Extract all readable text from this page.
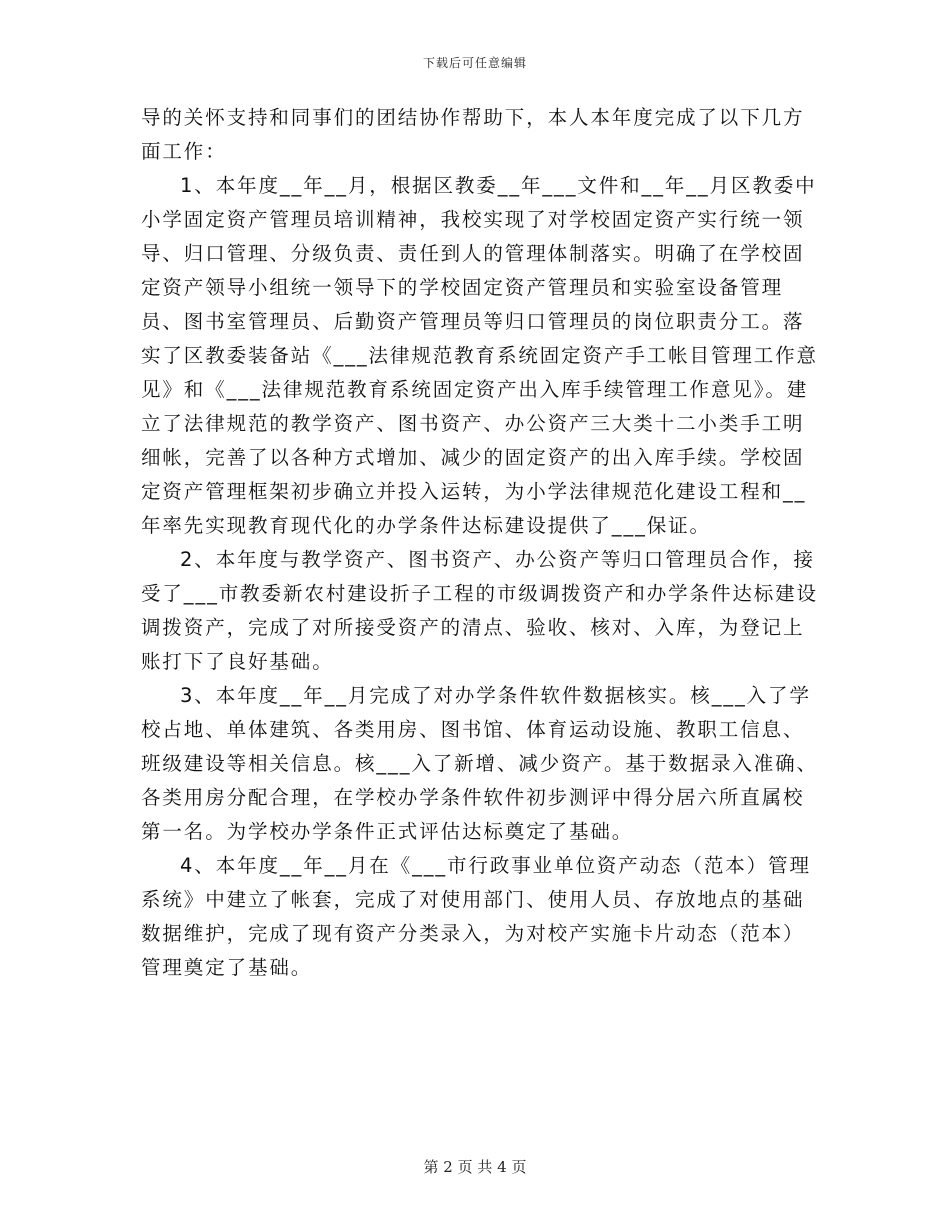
下载后可任意编辑

导的关怀支持和同事们的团结协作帮助下，本人本年度完成了以下几方面工作：

1、本年度__年__月，根据区教委__年___文件和__年__月区教委中小学固定资产管理员培训精神，我校实现了对学校固定资产实行统一领导、归口管理、分级负责、责任到人的管理体制落实。明确了在学校固定资产领导小组统一领导下的学校固定资产管理员和实验室设备管理员、图书室管理员、后勤资产管理员等归口管理员的岗位职责分工。落实了区教委装备站《___法律规范教育系统固定资产手工帐目管理工作意见》和《___法律规范教育系统固定资产出入库手续管理工作意见》。建立了法律规范的教学资产、图书资产、办公资产三大类十二小类手工明细帐，完善了以各种方式增加、减少的固定资产的出入库手续。学校固定资产管理框架初步确立并投入运转，为小学法律规范化建设工程和__年率先实现教育现代化的办学条件达标建设提供了___保证。

2、本年度与教学资产、图书资产、办公资产等归口管理员合作，接受了___市教委新农村建设折子工程的市级调拨资产和办学条件达标建设调拨资产，完成了对所接受资产的清点、验收、核对、入库，为登记上账打下了良好基础。

3、本年度__年__月完成了对办学条件软件数据核实。核___入了学校占地、单体建筑、各类用房、图书馆、体育运动设施、教职工信息、班级建设等相关信息。核___入了新增、减少资产。基于数据录入准确、各类用房分配合理，在学校办学条件软件初步测评中得分居六所直属校第一名。为学校办学条件正式评估达标奠定了基础。

4、本年度__年__月在《___市行政事业单位资产动态（范本）管理系统》中建立了帐套，完成了对使用部门、使用人员、存放地点的基础数据维护，完成了现有资产分类录入，为对校产实施卡片动态（范本）管理奠定了基础。

第 2 页 共 4 页
